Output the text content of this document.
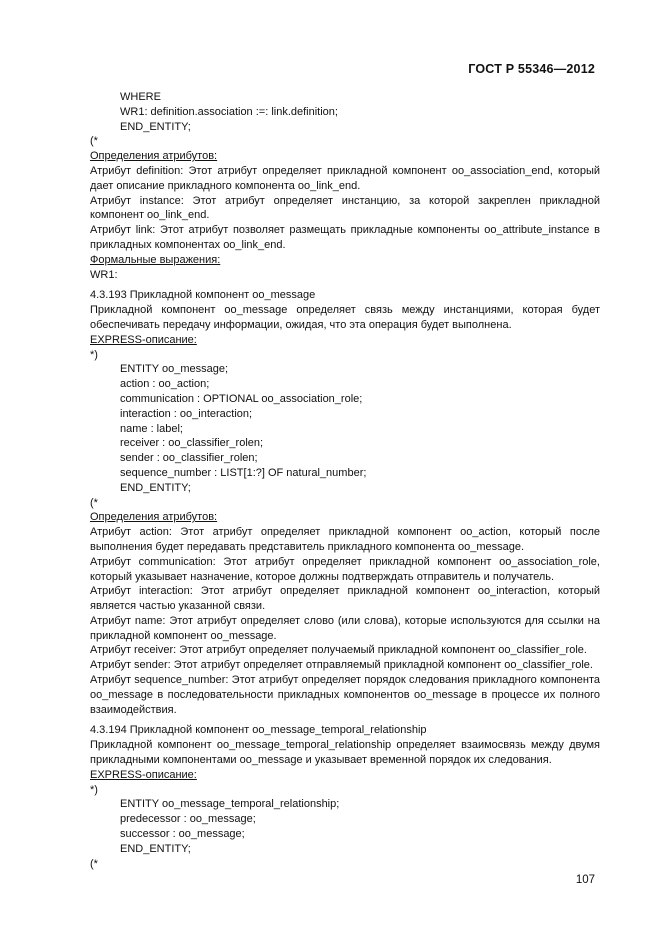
ГОСТ Р 55346—2012
WHERE
WR1: definition.association :=: link.definition;
END_ENTITY;
(*
Определения атрибутов:
Атрибут definition: Этот атрибут определяет прикладной компонент oo_association_end, который дает описание прикладного компонента oo_link_end.
Атрибут instance: Этот атрибут определяет инстанцию, за которой закреплен прикладной компонент oo_link_end.
Атрибут link: Этот атрибут позволяет размещать прикладные компоненты oo_attribute_instance в прикладных компонентах oo_link_end.
Формальные выражения:
WR1:
4.3.193 Прикладной компонент oo_message
Прикладной компонент oo_message определяет связь между инстанциями, которая будет обеспечивать передачу информации, ожидая, что эта операция будет выполнена.
EXPRESS-описание:
*)
ENTITY oo_message;
action : oo_action;
communication : OPTIONAL oo_association_role;
interaction : oo_interaction;
name : label;
receiver : oo_classifier_rolen;
sender : oo_classifier_rolen;
sequence_number : LIST[1:?] OF natural_number;
END_ENTITY;
(*
Определения атрибутов:
Атрибут action: Этот атрибут определяет прикладной компонент oo_action, который после выполнения будет передавать представитель прикладного компонента oo_message.
Атрибут communication: Этот атрибут определяет прикладной компонент oo_association_role, который указывает назначение, которое должны подтверждать отправитель и получатель.
Атрибут interaction: Этот атрибут определяет прикладной компонент oo_interaction, который является частью указанной связи.
Атрибут name: Этот атрибут определяет слово (или слова), которые используются для ссылки на прикладной компонент oo_message.
Атрибут receiver: Этот атрибут определяет получаемый прикладной компонент oo_classifier_role.
Атрибут sender: Этот атрибут определяет отправляемый прикладной компонент oo_classifier_role.
Атрибут sequence_number: Этот атрибут определяет порядок следования прикладного компонента oo_message в последовательности прикладных компонентов oo_message в процессе их полного взаимодействия.
4.3.194 Прикладной компонент oo_message_temporal_relationship
Прикладной компонент oo_message_temporal_relationship определяет взаимосвязь между двумя прикладными компонентами oo_message и указывает временной порядок их следования.
EXPRESS-описание:
*)
ENTITY oo_message_temporal_relationship;
predecessor : oo_message;
successor : oo_message;
END_ENTITY;
(*
107
